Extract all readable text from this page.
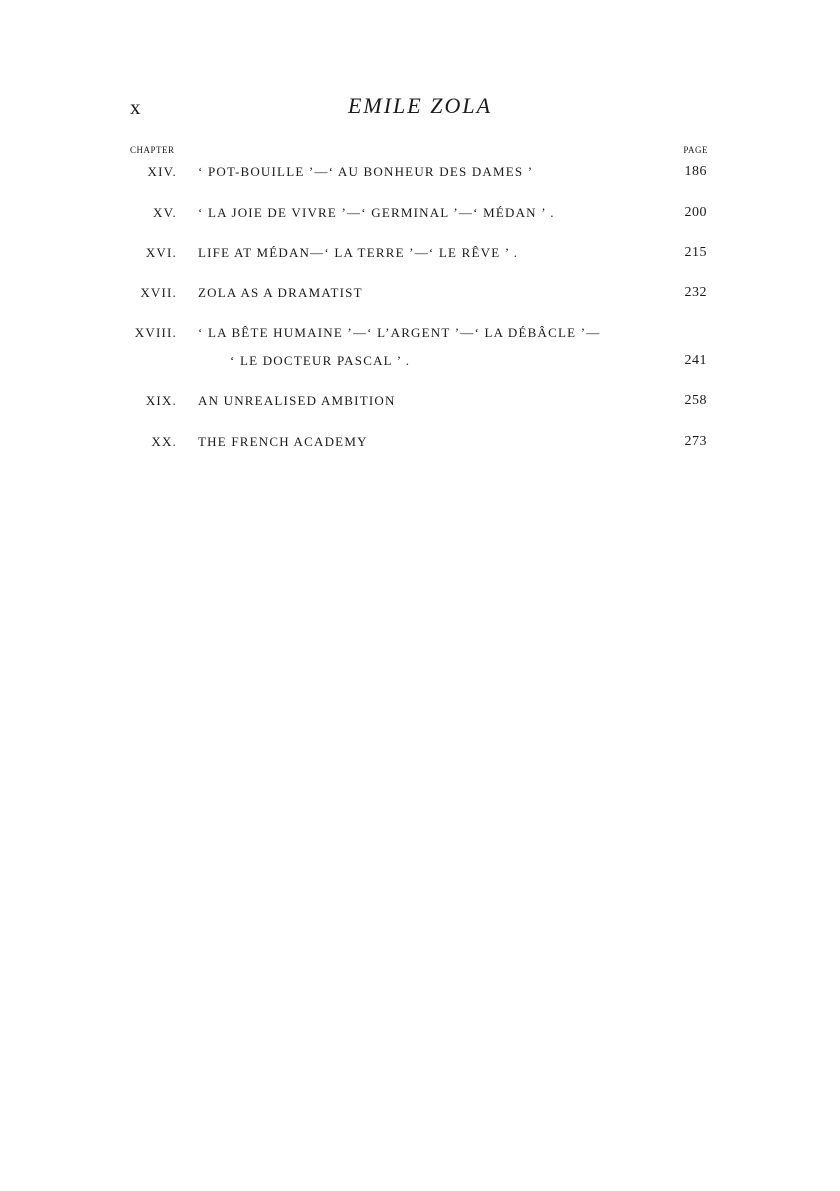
x	EMILE ZOLA
CHAPTER	PAGE
XIV. ‘ POT-BOUILLE ’—‘ AU BONHEUR DES DAMES ’	186
XV. ‘ LA JOIE DE VIVRE ’—‘ GERMINAL ’—‘ MÉDAN ’ .	200
XVI. LIFE AT MÉDAN—‘ LA TERRE ’—‘ LE RÊVE ’ .	215
XVII. ZOLA AS A DRAMATIST	232
XVIII. ‘ LA BÊTE HUMAINE ’—‘ L’ARGENT ’—‘ LA DÉBÂCLE ’—
‘ LE DOCTEUR PASCAL ’ .	241
XIX. AN UNREALISED AMBITION	258
XX. THE FRENCH ACADEMY	273
